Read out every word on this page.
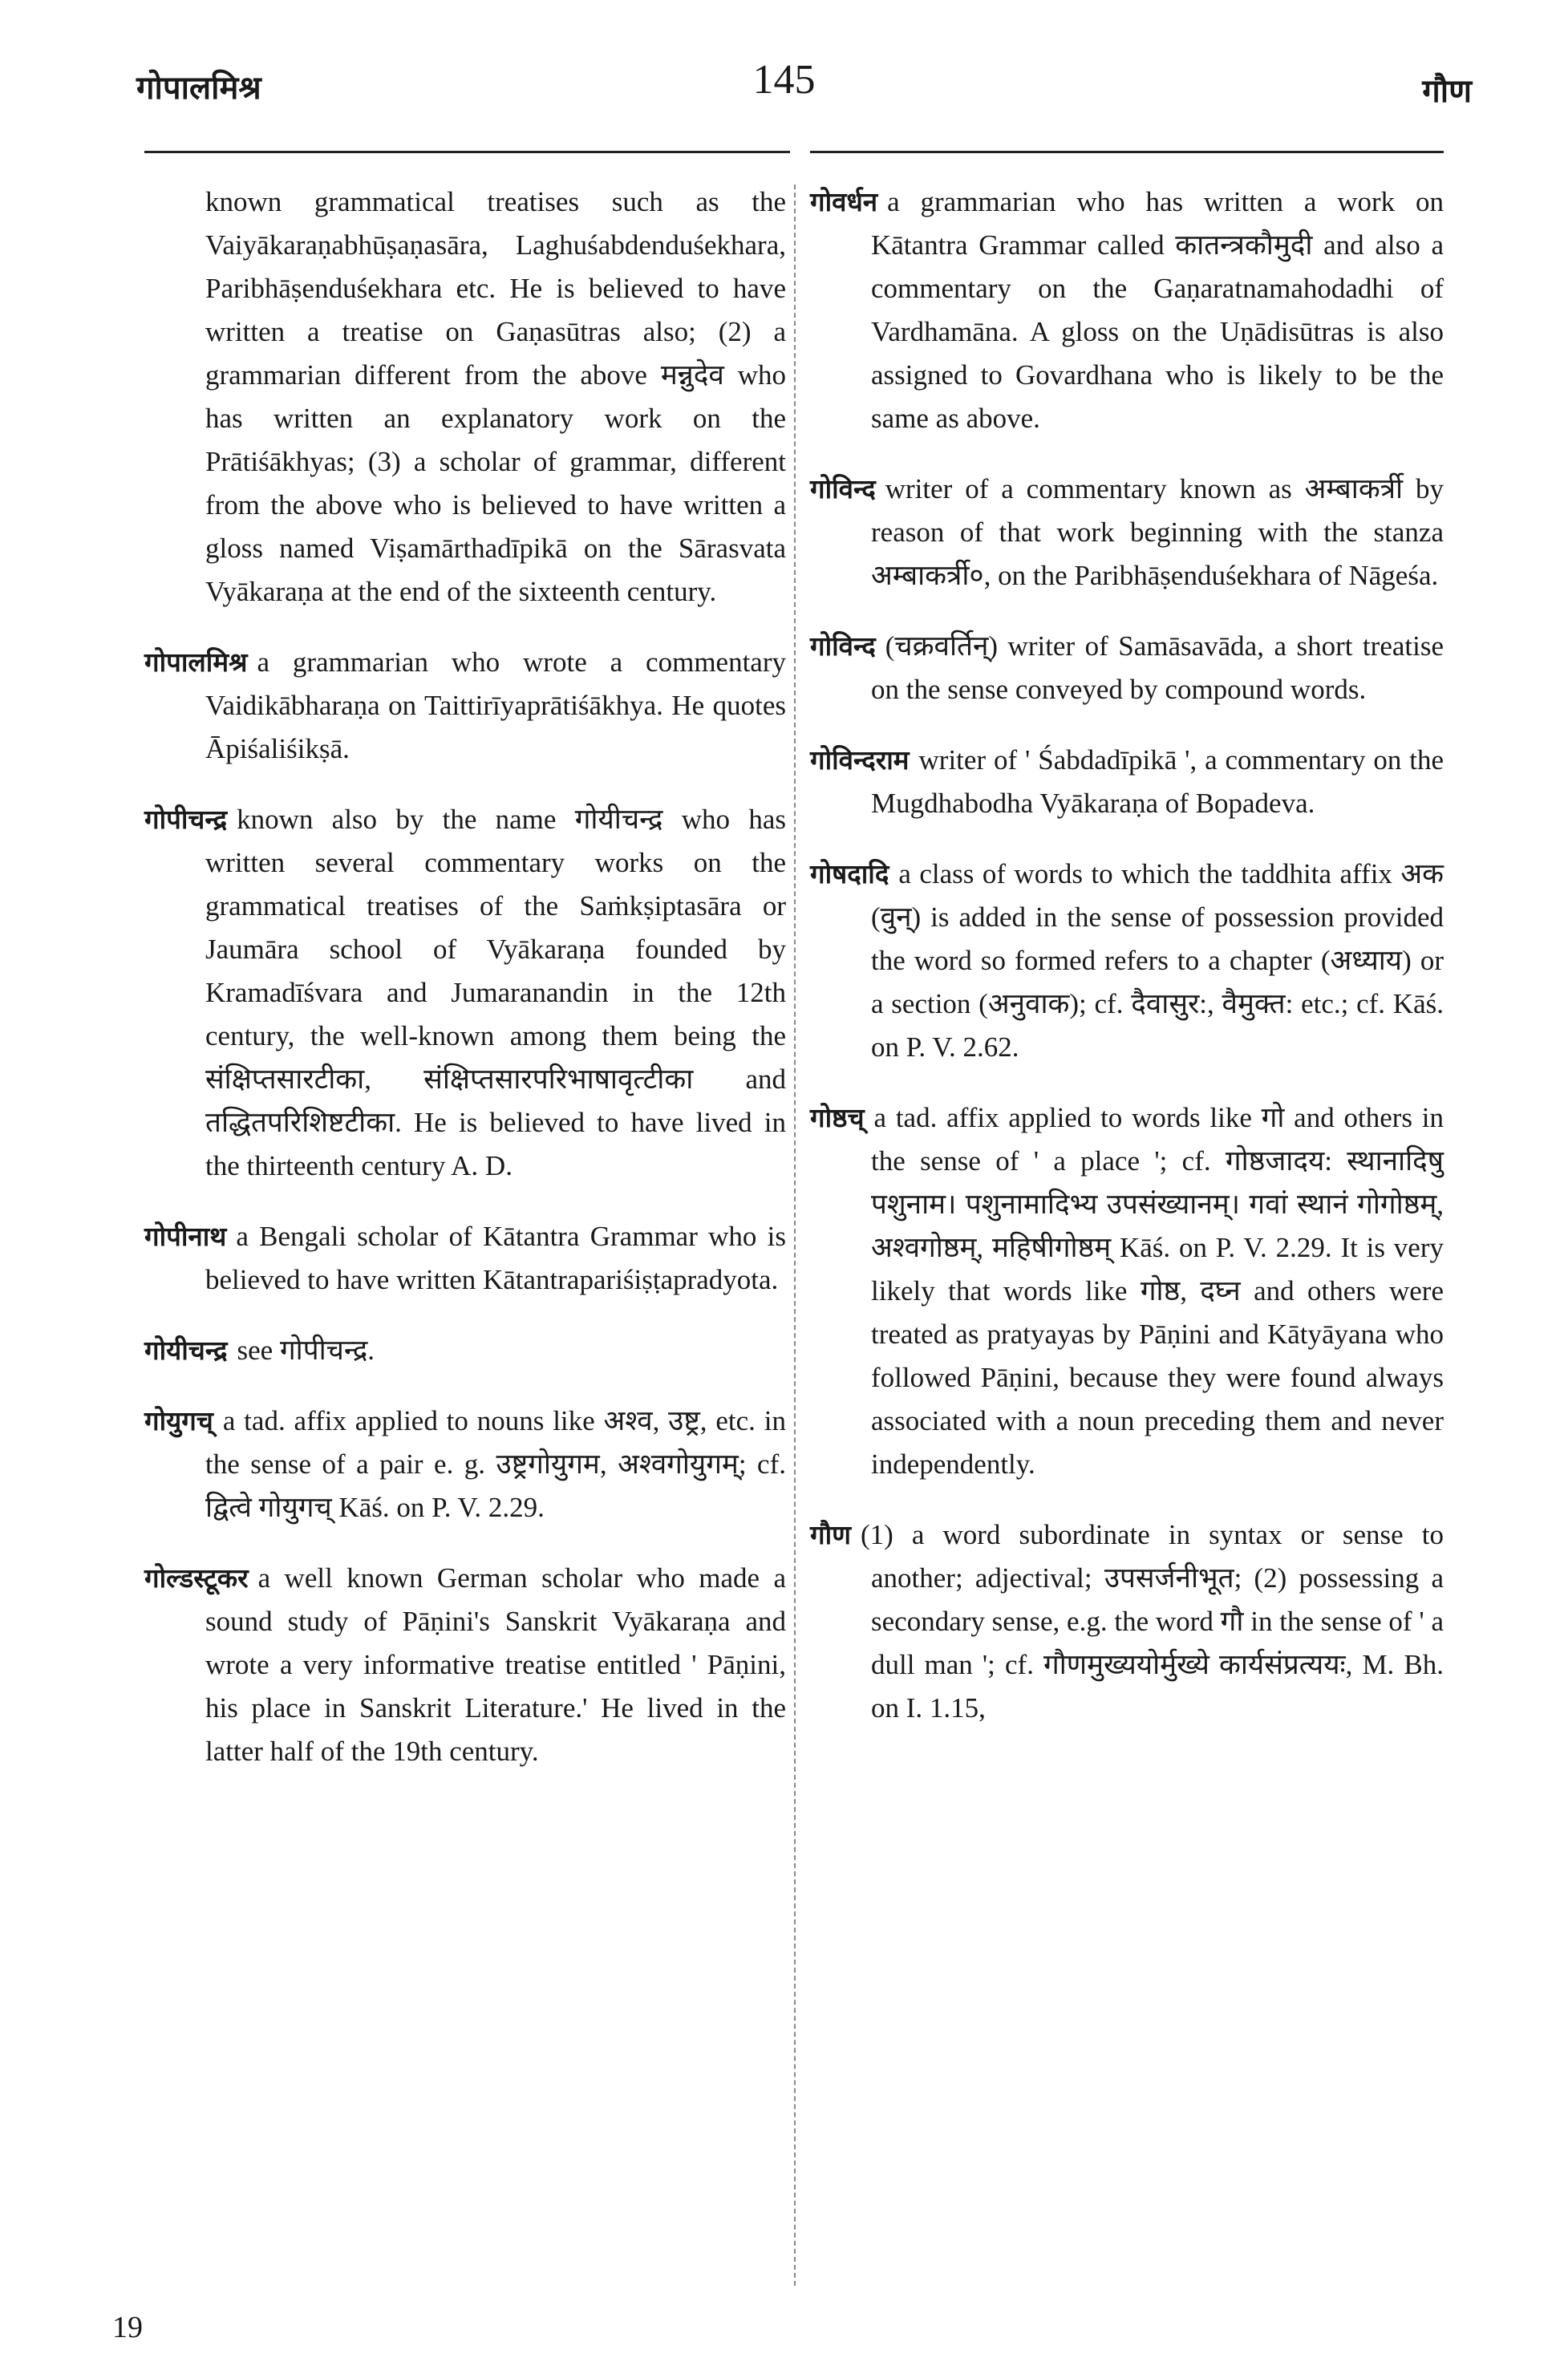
गोपालमिश्र	145	गौण

known grammatical treatises such as the Vaiyākaraṇabhūṣaṇasāra, Laghuśabdenduśekhara, Paribhāṣenduśekhara etc. He is believed to have written a treatise on Gaṇasūtras also; (2) a grammarian different from the above मन्नुदेव who has written an explanatory work on the Prātiśākhyas; (3) a scholar of grammar, different from the above who is believed to have written a gloss named Viṣamārthadīpikā on the Sārasvata Vyākaraṇa at the end of the sixteenth century.

गोपालमिश्र a grammarian who wrote a commentary Vaidikābharaṇa on Taittirīyaprātiśākhya. He quotes Āpiśaliśikṣā.

गोपीचन्द्र known also by the name गोयीचन्द्र who has written several commentary works on the grammatical treatises of the Saṁkṣiptasāra or Jaumāra school of Vyākaraṇa founded by Kramadīśvara and Jumaranandin in the 12th century, the well-known among them being the संक्षिप्तसारटीका, संक्षिप्तसारपरिभाषावृत्टीका and तद्धितपरिशिष्टटीका. He is believed to have lived in the thirteenth century A. D.

गोपीनाथ a Bengali scholar of Kātantra Grammar who is believed to have written Kātantrapariśiṣṭapradyota.

गोयीचन्द्र see गोपीचन्द्र.

गोयुगच् a tad. affix applied to nouns like अश्व, उष्ट्र, etc. in the sense of a pair e. g. उष्ट्रगोयुगम, अश्वगोयुगम्; cf. द्वित्वे गोयुगच् Kāś. on P. V. 2.29.

गोल्डस्टूकर a well known German scholar who made a sound study of Pāṇini's Sanskrit Vyākaraṇa and wrote a very informative treatise entitled ' Pāṇini, his place in Sanskrit Literature.' He lived in the latter half of the 19th century.

गोवर्धन a grammarian who has written a work on Kātantra Grammar called कातन्त्रकौमुदी and also a commentary on the Gaṇaratnamahodadhi of Vardhamāna. A gloss on the Uṇādisūtras is also assigned to Govardhana who is likely to be the same as above.

गोविन्द writer of a commentary known as अम्बाकर्त्री by reason of that work beginning with the stanza अम्बाकर्त्री०, on the Paribhāṣenduśekhara of Nāgeśa.

गोविन्द (चक्रवर्तिन्) writer of Samāsavāda, a short treatise on the sense conveyed by compound words.

गोविन्दराम writer of ' Śabdadīpikā ', a commentary on the Mugdhabodha Vyākaraṇa of Bopadeva.

गोषदादि a class of words to which the taddhita affix अक (वुन्) is added in the sense of possession provided the word so formed refers to a chapter (अध्याय) or a section (अनुवाक); cf. दैवासुर:, वैमुक्त: etc.; cf. Kāś. on P. V. 2.62.

गोष्ठच् a tad. affix applied to words like गो and others in the sense of ' a place '; cf. गोष्ठजादय: स्थानादिषु पशुनाम। पशुनामादिभ्य उपसंख्यानम्। गवां स्थानं गोगोष्ठम्, अश्वगोष्ठम्, महिषीगोष्ठम् Kāś. on P. V. 2.29. It is very likely that words like गोष्ठ, दघ्न and others were treated as pratyayas by Pāṇini and Kātyāyana who followed Pāṇini, because they were found always associated with a noun preceding them and never independently.

गौण (1) a word subordinate in syntax or sense to another; adjectival; उपसर्जनीभूत; (2) possessing a secondary sense, e.g. the word गौ in the sense of ' a dull man '; cf. गौणमुख्ययोर्मुख्ये कार्यसंप्रत्ययः, M. Bh. on I. 1.15,

19
